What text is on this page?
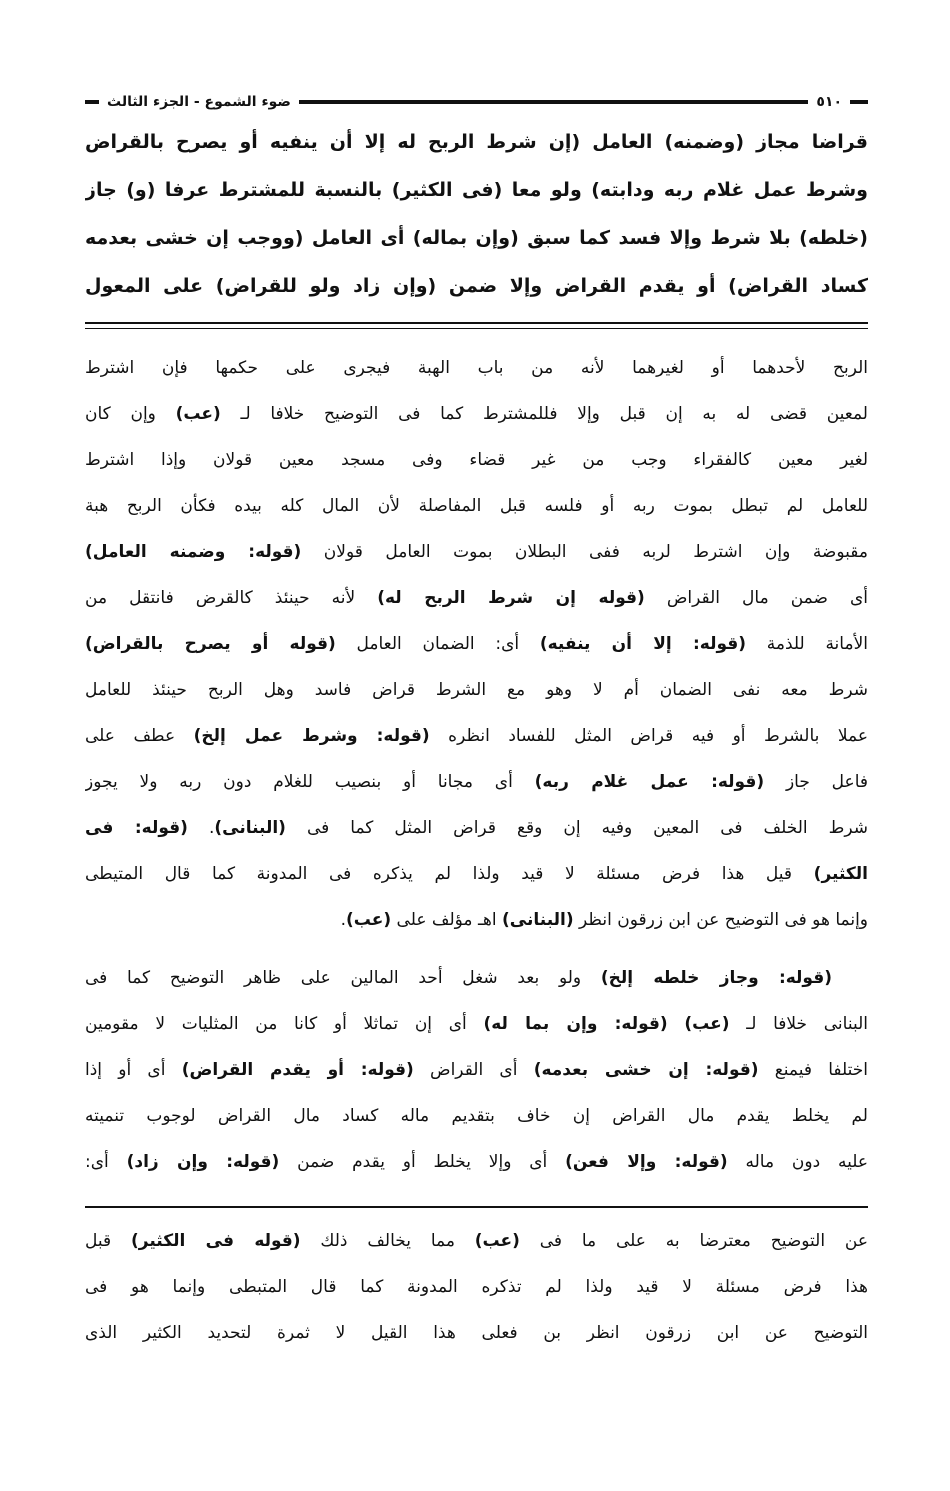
٥١٠
ضوء الشموع - الجزء الثالث
قراضا مجاز (وضمنه) العامل (إن شرط الربح له إلا أن ينفيه أو يصرح بالقراض
وشرط عمل غلام ربه ودابته) ولو معا (فى الكثير) بالنسبة للمشترط عرفا (و) جاز
(خلطه) بلا شرط وإلا فسد كما سبق (وإن بماله) أى العامل (ووجب إن خشى بعدمه
كساد القراض) أو يقدم القراض وإلا ضمن (وإن زاد ولو للقراض) على المعول
الربح لأحدهما أو لغيرهما لأنه من باب الهبة فيجرى على حكمها فإن اشترط
لمعين قضى له به إن قبل وإلا فللمشترط كما فى التوضيح خلافا لـ (عب) وإن كان
لغير معين كالفقراء وجب من غير قضاء وفى مسجد معين قولان وإذا اشترط
للعامل لم تبطل بموت ربه أو فلسه قبل المفاصلة لأن المال كله بيده فكأن الربح هبة
مقبوضة وإن اشترط لربه ففى البطلان بموت العامل قولان (قوله: وضمنه العامل)
أى ضمن مال القراض (قوله إن شرط الربح له) لأنه حينئذ كالقرض فانتقل من
الأمانة للذمة (قوله: إلا أن ينفيه) أى: الضمان العامل (قوله أو يصرح بالقراض)
شرط معه نفى الضمان أم لا وهو مع الشرط قراض فاسد وهل الربح حينئذ للعامل
عملا بالشرط أو فيه قراض المثل للفساد انظره (قوله: وشرط عمل إلخ) عطف على
فاعل جاز (قوله: عمل غلام ربه) أى مجانا أو بنصيب للغلام دون ربه ولا يجوز
شرط الخلف فى المعين وفيه إن وقع قراض المثل كما فى (البنانى). (قوله: فى
الكثير) قيل هذا فرض مسئلة لا قيد ولذا لم يذكره فى المدونة كما قال المتيطى
وإنما هو فى التوضيح عن ابن زرقون انظر (البنانى) اهـ مؤلف على (عب).
(قوله: وجاز خلطه إلخ) ولو بعد شغل أحد المالين على ظاهر التوضيح كما فى
البنانى خلافا لـ (عب) (قوله: وإن بما له) أى إن تماثلا أو كانا من المثليات لا مقومين
اختلفا فيمنع (قوله: إن خشى بعدمه) أى القراض (قوله: أو يقدم القراض) أى أو إذا
لم يخلط يقدم مال القراض إن خاف بتقديم ماله كساد مال القراض لوجوب تنميته
عليه دون ماله (قوله: وإلا فعن) أى وإلا يخلط أو يقدم ضمن (قوله: وإن زاد) أى:
عن التوضيح معترضا به على ما فى (عب) مما يخالف ذلك (قوله فى الكثير) قبل
هذا فرض مسئلة لا قيد ولذا لم تذكره المدونة كما قال المتبطى وإنما هو فى
التوضيح عن ابن زرقون انظر بن فعلى هذا القيل لا ثمرة لتحديد الكثير الذى
